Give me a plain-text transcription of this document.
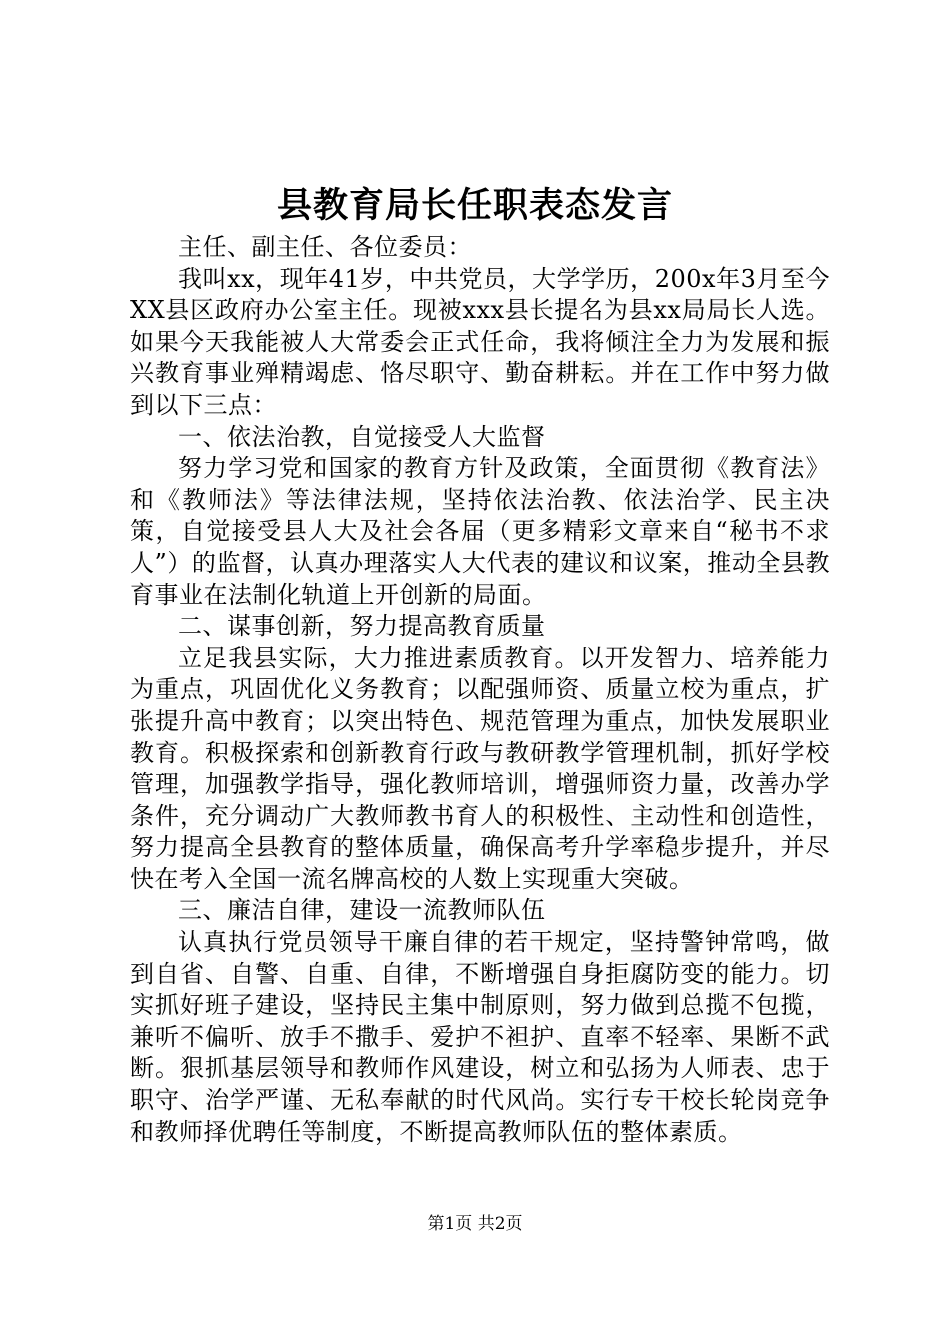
县教育局长任职表态发言

主任、副主任、各位委员：

我叫xx，现年41岁，中共党员，大学学历，200x年3月至今XX县区政府办公室主任。现被xxx县长提名为县xx局局长人选。如果今天我能被人大常委会正式任命，我将倾注全力为发展和振兴教育事业殚精竭虑、恪尽职守、勤奋耕耘。并在工作中努力做到以下三点：

一、依法治教，自觉接受人大监督

努力学习党和国家的教育方针及政策，全面贯彻《教育法》和《教师法》等法律法规，坚持依法治教、依法治学、民主决策，自觉接受县人大及社会各届（更多精彩文章来自“秘书不求人”）的监督，认真办理落实人大代表的建议和议案，推动全县教育事业在法制化轨道上开创新的局面。

二、谋事创新，努力提高教育质量

立足我县实际，大力推进素质教育。以开发智力、培养能力为重点，巩固优化义务教育；以配强师资、质量立校为重点，扩张提升高中教育；以突出特色、规范管理为重点，加快发展职业教育。积极探索和创新教育行政与教研教学管理机制，抓好学校管理，加强教学指导，强化教师培训，增强师资力量，改善办学条件，充分调动广大教师教书育人的积极性、主动性和创造性，努力提高全县教育的整体质量，确保高考升学率稳步提升，并尽快在考入全国一流名牌高校的人数上实现重大突破。

三、廉洁自律，建设一流教师队伍

认真执行党员领导干廉自律的若干规定，坚持警钟常鸣，做到自省、自警、自重、自律，不断增强自身拒腐防变的能力。切实抓好班子建设，坚持民主集中制原则，努力做到总揽不包揽，兼听不偏听、放手不撒手、爱护不袒护、直率不轻率、果断不武断。狠抓基层领导和教师作风建设，树立和弘扬为人师表、忠于职守、治学严谨、无私奉献的时代风尚。实行专干校长轮岗竞争和教师择优聘任等制度，不断提高教师队伍的整体素质。

第1页 共2页
